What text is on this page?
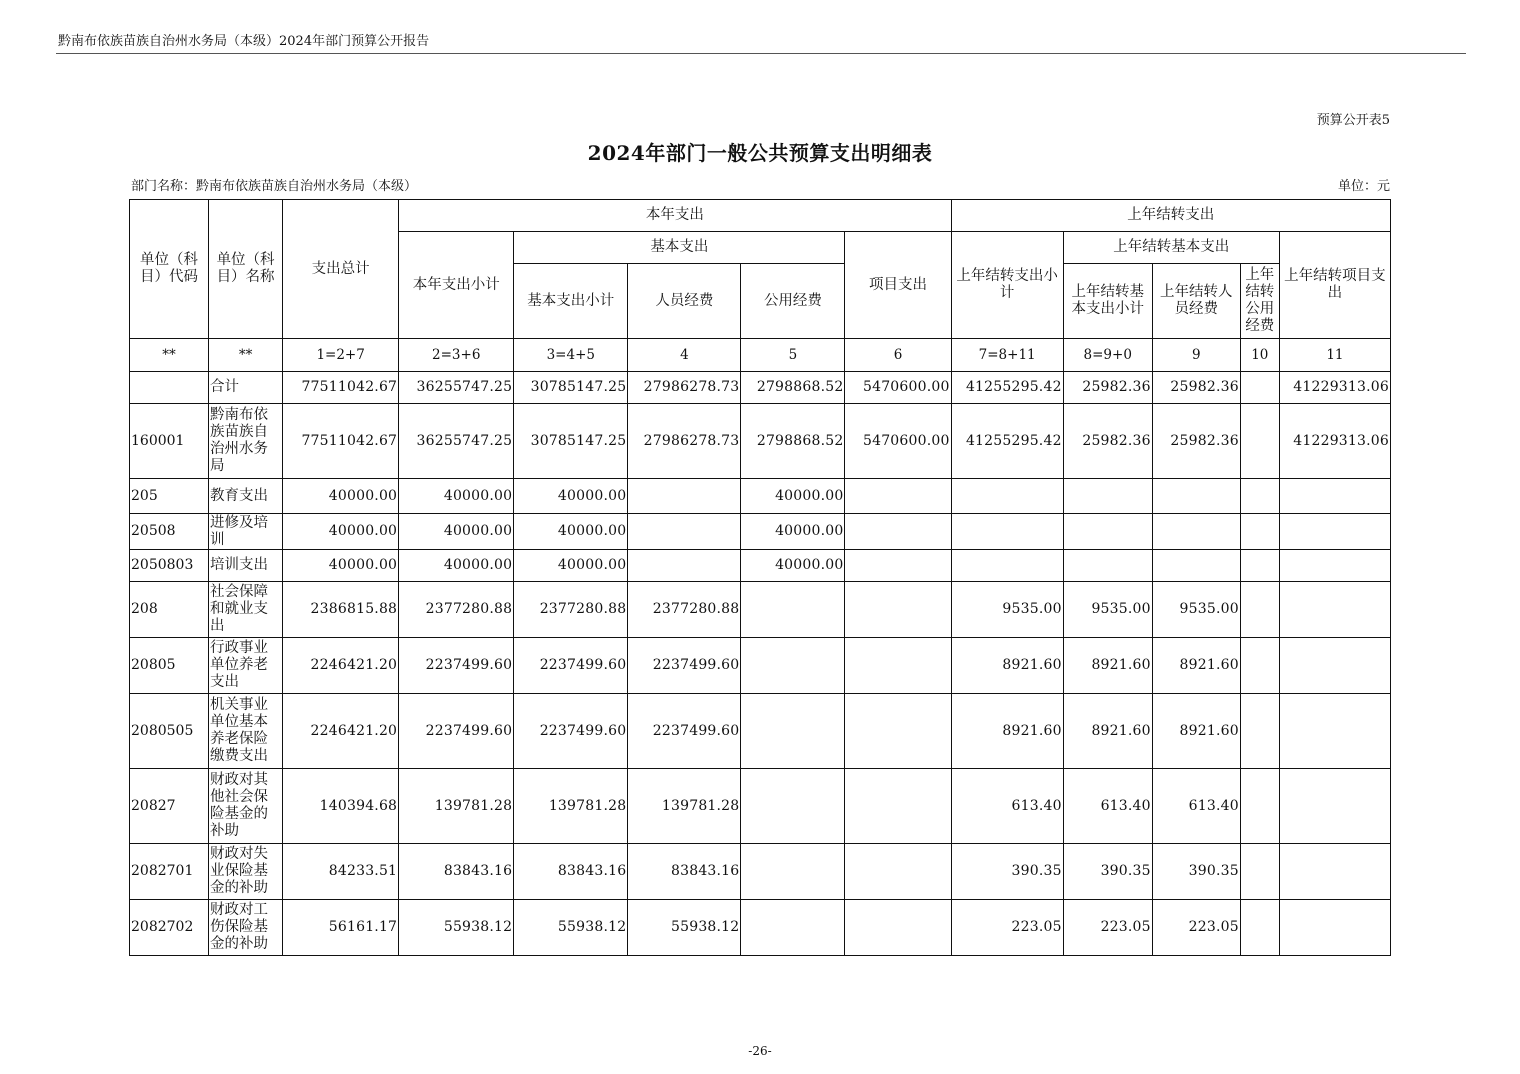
黔南布依族苗族自治州水务局（本级）2024年部门预算公开报告
预算公开表5
2024年部门一般公共预算支出明细表
部门名称：黔南布依族苗族自治州水务局（本级）	单位：元
单位（科目）代码	单位（科目）名称	支出总计	本年支出					上年结转支出				
			本年支出小计	基本支出			项目支出	上年结转支出小计	上年结转基本支出			上年结转项目支出
				基本支出小计	人员经费	公用经费			上年结转基本支出小计	上年结转人员经费	上年结转公用经费	
**	**	1=2+7	2=3+6	3=4+5	4	5	6	7=8+11	8=9+0	9	10	11
	合计	77511042.67	36255747.25	30785147.25	27986278.73	2798868.52	5470600.00	41255295.42	25982.36	25982.36		41229313.06
160001	黔南布依族苗族自治州水务局	77511042.67	36255747.25	30785147.25	27986278.73	2798868.52	5470600.00	41255295.42	25982.36	25982.36		41229313.06
205	教育支出	40000.00	40000.00	40000.00		40000.00						
20508	进修及培训	40000.00	40000.00	40000.00		40000.00						
2050803	培训支出	40000.00	40000.00	40000.00		40000.00						
208	社会保障和就业支出	2386815.88	2377280.88	2377280.88	2377280.88			9535.00	9535.00	9535.00		
20805	行政事业单位养老支出	2246421.20	2237499.60	2237499.60	2237499.60			8921.60	8921.60	8921.60		
2080505	机关事业单位基本养老保险缴费支出	2246421.20	2237499.60	2237499.60	2237499.60			8921.60	8921.60	8921.60		
20827	财政对其他社会保险基金的补助	140394.68	139781.28	139781.28	139781.28			613.40	613.40	613.40		
2082701	财政对失业保险基金的补助	84233.51	83843.16	83843.16	83843.16			390.35	390.35	390.35		
2082702	财政对工伤保险基金的补助	56161.17	55938.12	55938.12	55938.12			223.05	223.05	223.05		
-26-
